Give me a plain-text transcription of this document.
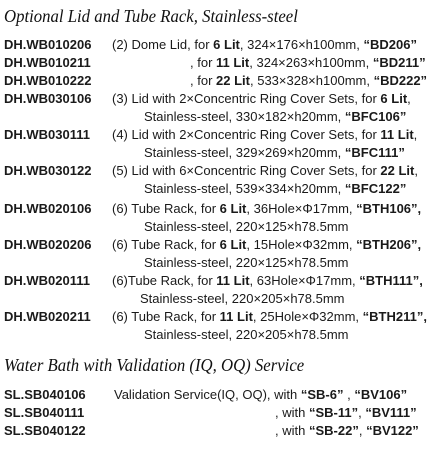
Optional Lid and Tube Rack, Stainless-steel
DH.WB010206 (2) Dome Lid, for 6 Lit, 324×176×h100mm, “BD206”
DH.WB010211	, for 11 Lit, 324×263×h100mm, “BD211”
DH.WB010222	, for 22 Lit, 533×328×h100mm, “BD222”
DH.WB030106 (3) Lid with 2×Concentric Ring Cover Sets, for 6 Lit,
Stainless-steel, 330×182×h20mm, “BFC106”
DH.WB030111 (4) Lid with 2×Concentric Ring Cover Sets, for 11 Lit,
Stainless-steel, 329×269×h20mm, “BFC111”
DH.WB030122 (5) Lid with 6×Concentric Ring Cover Sets, for 22 Lit,
Stainless-steel, 539×334×h20mm, “BFC122”
DH.WB020106 (6) Tube Rack, for 6 Lit, 36Hole×Φ17mm, “BTH106”,
Stainless-steel, 220×125×h78.5mm
DH.WB020206 (6) Tube Rack, for 6 Lit, 15Hole×Φ32mm, “BTH206”,
Stainless-steel, 220×125×h78.5mm
DH.WB020111 (6)Tube Rack, for 11 Lit, 63Hole×Φ17mm, “BTH111”,
Stainless-steel, 220×205×h78.5mm
DH.WB020211 (6) Tube Rack, for 11 Lit, 25Hole×Φ32mm, “BTH211”,
Stainless-steel, 220×205×h78.5mm
Water Bath with Validation (IQ, OQ) Service
SL.SB040106 Validation Service(IQ, OQ), with “SB-6” , “BV106”
SL.SB040111	, with “SB-11”, “BV111”
SL.SB040122	, with “SB-22”, “BV122”
